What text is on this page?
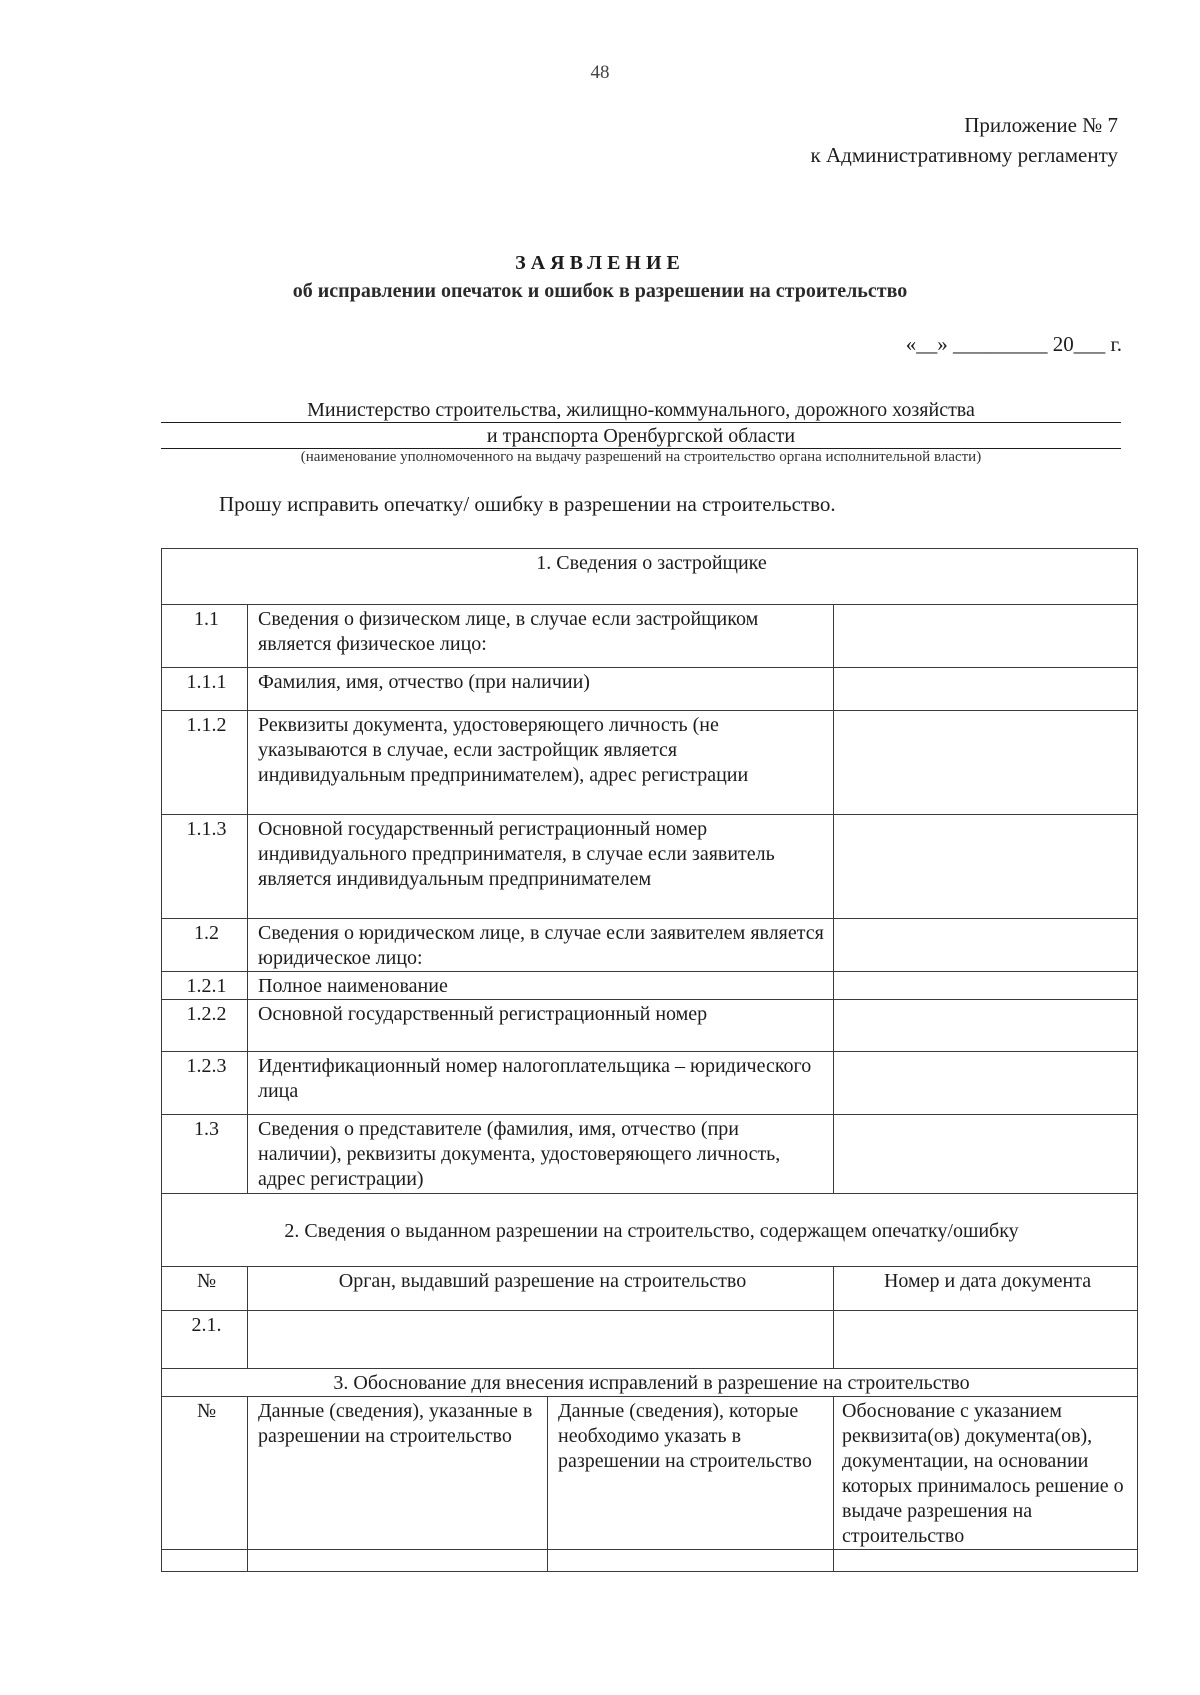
48
Приложение № 7
к Административному регламенту
ЗАЯВЛЕНИЕ
об исправлении опечаток и ошибок в разрешении на строительство
«__» _________ 20___ г.
Министерство строительства, жилищно-коммунального, дорожного хозяйства
и транспорта Оренбургской области
(наименование уполномоченного на выдачу разрешений на строительство органа исполнительной власти)
Прошу исправить опечатку/ ошибку в разрешении на строительство.
1. Сведения о застройщике			
1.1	Сведения о физическом лице, в случае если застройщиком является физическое лицо:		
1.1.1	Фамилия, имя, отчество (при наличии)		
1.1.2	Реквизиты документа, удостоверяющего личность (не указываются в случае, если застройщик является индивидуальным предпринимателем), адрес регистрации		
1.1.3	Основной государственный регистрационный номер индивидуального предпринимателя, в случае если заявитель является индивидуальным предпринимателем		
1.2	Сведения о юридическом лице, в случае если заявителем является юридическое лицо:		
1.2.1	Полное наименование		
1.2.2	Основной государственный регистрационный номер		
1.2.3	Идентификационный номер налогоплательщика – юридического лица		
1.3	Сведения о представителе (фамилия, имя, отчество (при наличии), реквизиты документа, удостоверяющего личность, адрес регистрации)		
2. Сведения о выданном разрешении на строительство, содержащем опечатку/ошибку			
№	Орган, выдавший разрешение на строительство		Номер и дата документа
2.1.			
3. Обоснование для внесения исправлений в разрешение на строительство			
№	Данные (сведения), указанные в разрешении на строительство	Данные (сведения), которые необходимо указать в разрешении на строительство	Обоснование с указанием реквизита(ов) документа(ов), документации, на основании которых принималось решение о выдаче разрешения на строительство
